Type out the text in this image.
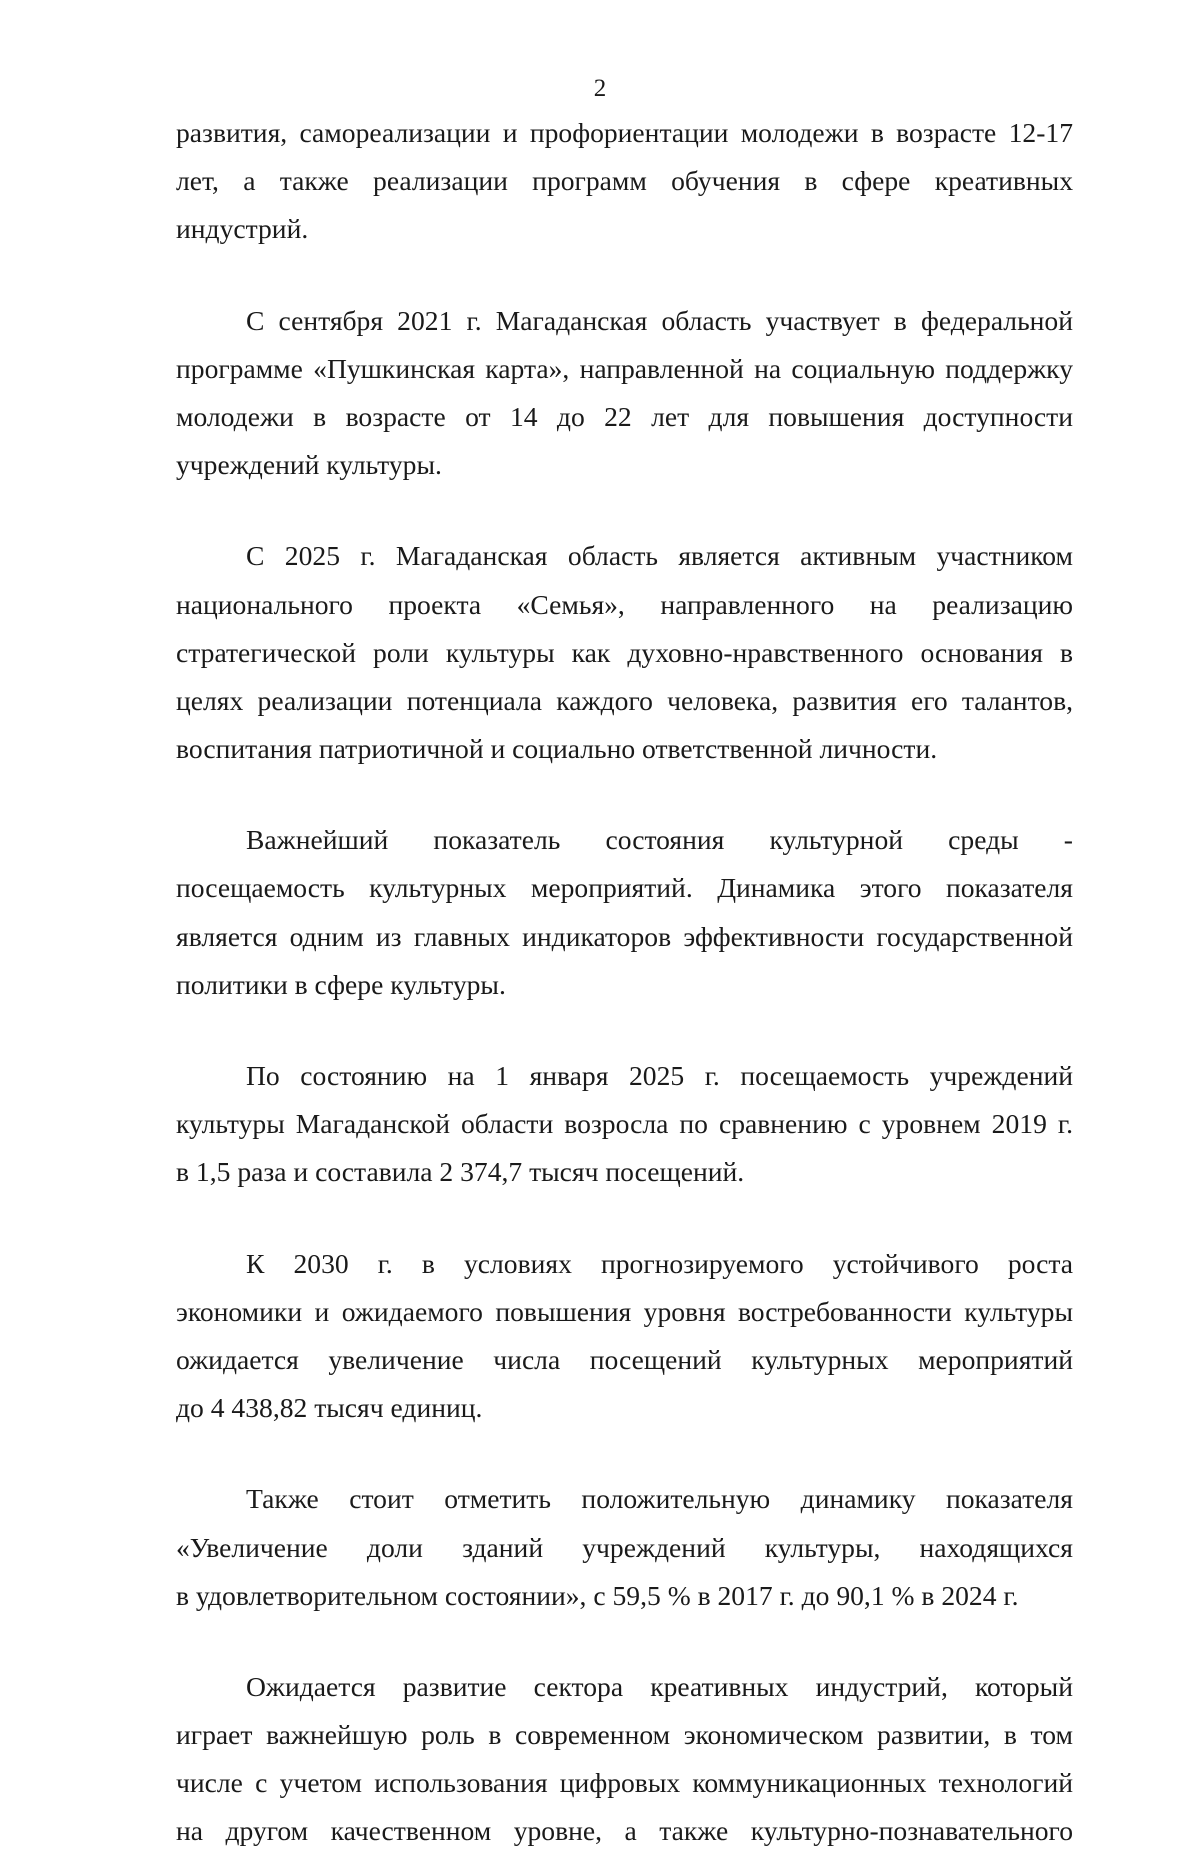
2
развития, самореализации и профориентации молодежи в возрасте 12-17
лет, а также реализации программ обучения в сфере креативных
индустрий.
С сентября 2021 г. Магаданская область участвует в федеральной
программе «Пушкинская карта», направленной на социальную поддержку
молодежи в возрасте от 14 до 22 лет для повышения доступности
учреждений культуры.
С 2025 г. Магаданская область является активным участником
национального проекта «Семья», направленного на реализацию
стратегической роли культуры как духовно-нравственного основания в
целях реализации потенциала каждого человека, развития его талантов,
воспитания патриотичной и социально ответственной личности.
Важнейший показатель состояния культурной среды -
посещаемость культурных мероприятий. Динамика этого показателя
является одним из главных индикаторов эффективности государственной
политики в сфере культуры.
По состоянию на 1 января 2025 г. посещаемость учреждений
культуры Магаданской области возросла по сравнению с уровнем 2019 г.
в 1,5 раза и составила 2 374,7 тысяч посещений.
К 2030 г. в условиях прогнозируемого устойчивого роста
экономики и ожидаемого повышения уровня востребованности культуры
ожидается увеличение числа посещений культурных мероприятий
до 4 438,82 тысяч единиц.
Также стоит отметить положительную динамику показателя
«Увеличение доли зданий учреждений культуры, находящихся
в удовлетворительном состоянии», с 59,5 % в 2017 г. до 90,1 % в 2024 г.
Ожидается развитие сектора креативных индустрий, который
играет важнейшую роль в современном экономическом развитии, в том
числе с учетом использования цифровых коммуникационных технологий
на другом качественном уровне, а также культурно-познавательного
